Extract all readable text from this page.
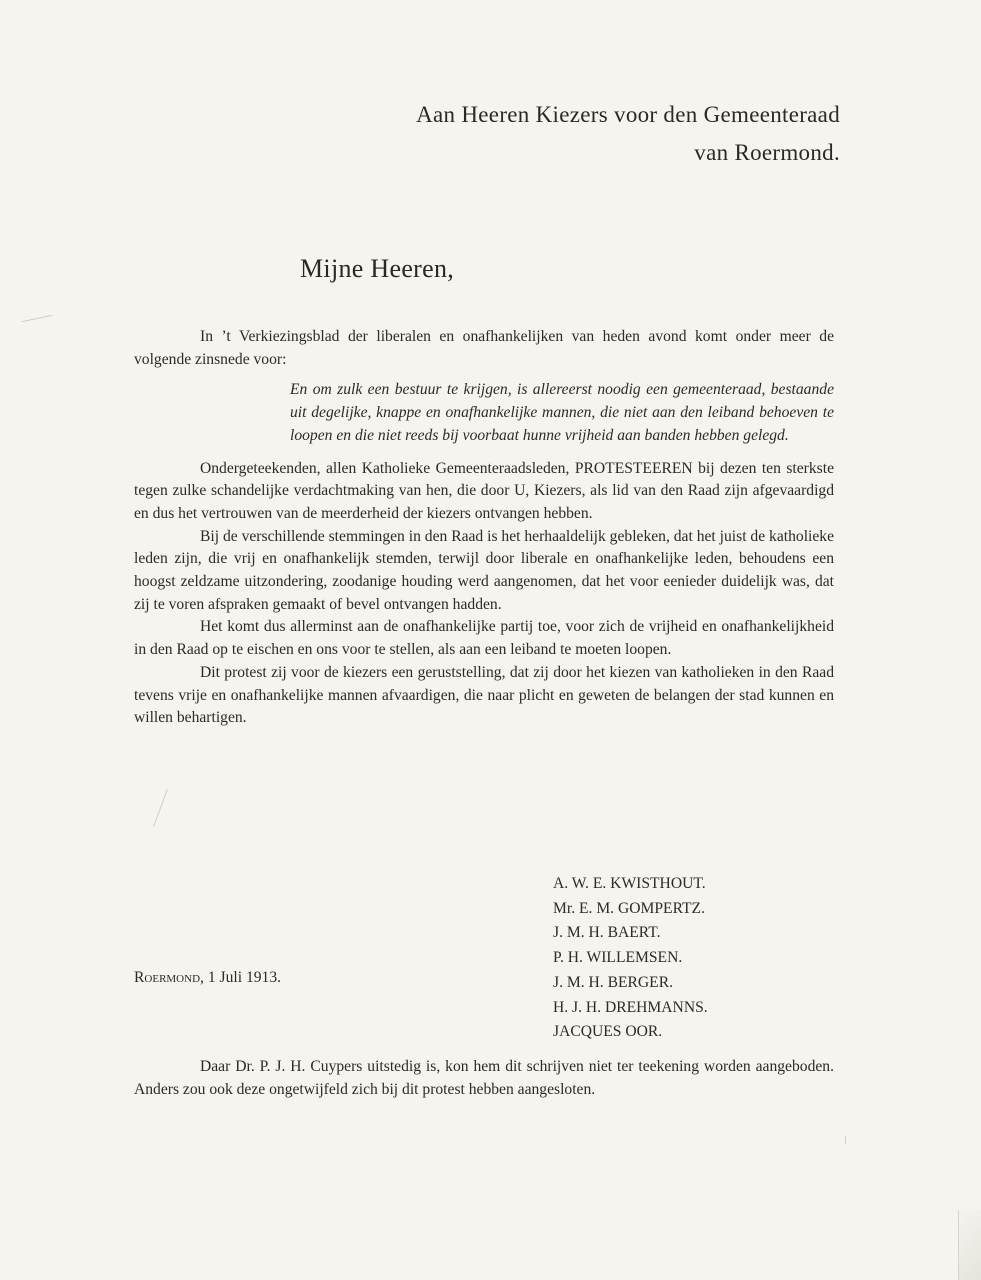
Aan Heeren Kiezers voor den Gemeenteraad
van Roermond.
Mijne Heeren,

In ’t Verkiezingsblad der liberalen en onafhankelijken van heden avond komt onder meer de volgende zinsnede voor:

En om zulk een bestuur te krijgen, is allereerst noodig een gemeenteraad, bestaande uit degelijke, knappe en onafhankelijke mannen, die niet aan den leiband behoeven te loopen en die niet reeds bij voorbaat hunne vrijheid aan banden hebben gelegd.

Ondergeteekenden, allen Katholieke Gemeenteraadsleden, PROTESTEEREN bij dezen ten sterkste tegen zulke schandelijke verdachtmaking van hen, die door U, Kiezers, als lid van den Raad zijn afgevaardigd en dus het vertrouwen van de meerderheid der kiezers ontvangen hebben.

Bij de verschillende stemmingen in den Raad is het herhaaldelijk gebleken, dat het juist de katholieke leden zijn, die vrij en onafhankelijk stemden, terwijl door liberale en onafhankelijke leden, behoudens een hoogst zeldzame uitzondering, zoodanige houding werd aangenomen, dat het voor eenieder duidelijk was, dat zij te voren afspraken gemaakt of bevel ontvangen hadden.

Het komt dus allerminst aan de onafhankelijke partij toe, voor zich de vrijheid en onafhankelijkheid in den Raad op te eischen en ons voor te stellen, als aan een leiband te moeten loopen.

Dit protest zij voor de kiezers een geruststelling, dat zij door het kiezen van katholieken in den Raad tevens vrije en onafhankelijke mannen afvaardigen, die naar plicht en geweten de belangen der stad kunnen en willen behartigen.

A. W. E. KWISTHOUT.
Mr. E. M. GOMPERTZ.
J. M. H. BAERT.
P. H. WILLEMSEN.
J. M. H. BERGER.
H. J. H. DREHMANNS.
JACQUES OOR.
Roermond, 1 Juli 1913.

Daar Dr. P. J. H. Cuypers uitstedig is, kon hem dit schrijven niet ter teekening worden aangeboden. Anders zou ook deze ongetwijfeld zich bij dit protest hebben aangesloten.
